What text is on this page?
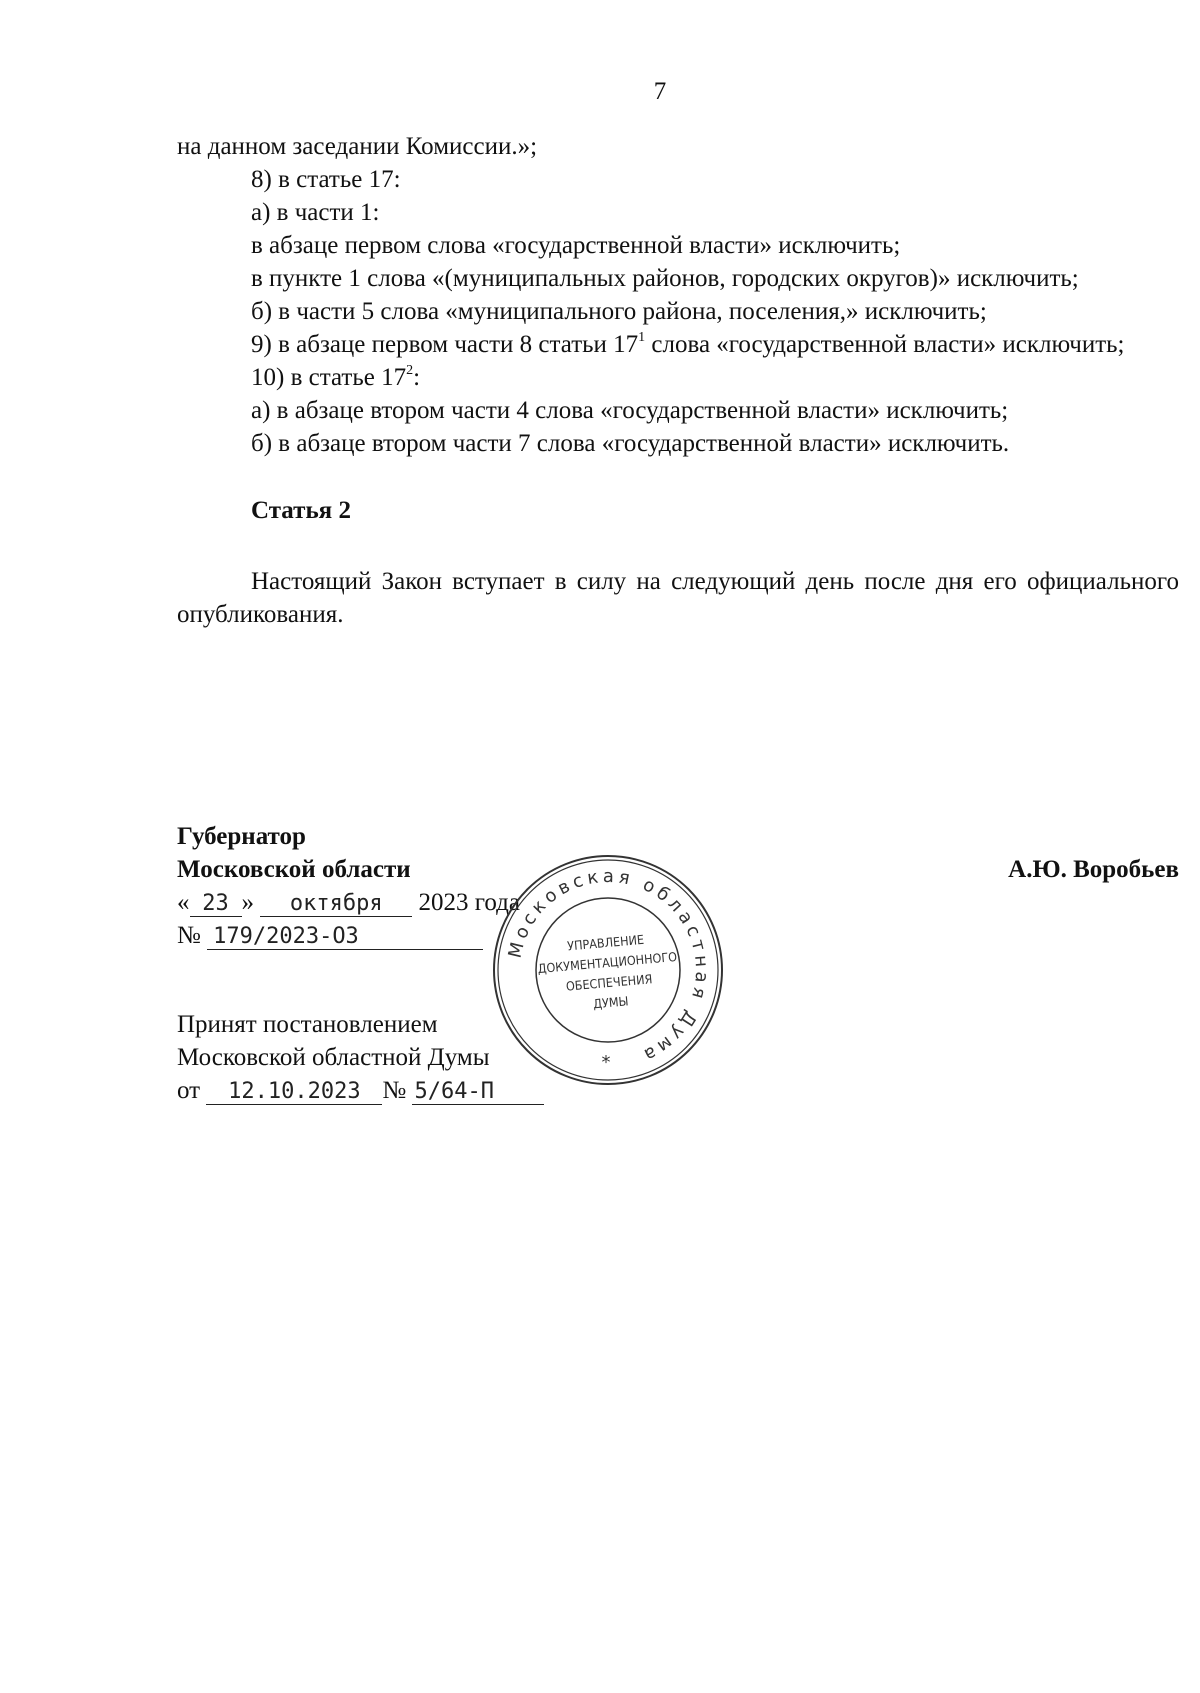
7

на данном заседании Комиссии.»;

8) в статье 17:

а) в части 1:

в абзаце первом слова «государственной власти» исключить;

в пункте 1 слова «(муниципальных районов, городских округов)» исключить;

б) в части 5 слова «муниципального района, поселения,» исключить;

9) в абзаце первом части 8 статьи $17^1$ слова «государственной власти» исключить;

10) в статье $17^2$:

а) в абзаце втором части 4 слова «государственной власти» исключить;

б) в абзаце втором части 7 слова «государственной власти» исключить.

Статья 2

Настоящий Закон вступает в силу на следующий день после дня его официального опубликования.

Губернатор
Московской области	А.Ю. Воробьев
« 23 » октября 2023 года
№ 179/2023-ОЗ
Принят постановлением
Московской областной Думы
от 12.10.2023 № 5/64-П
Московская областная Дума
УПРАВЛЕНИЕ
ДОКУМЕНТАЦИОННОГО
ОБЕСПЕЧЕНИЯ
ДУМЫ
*
